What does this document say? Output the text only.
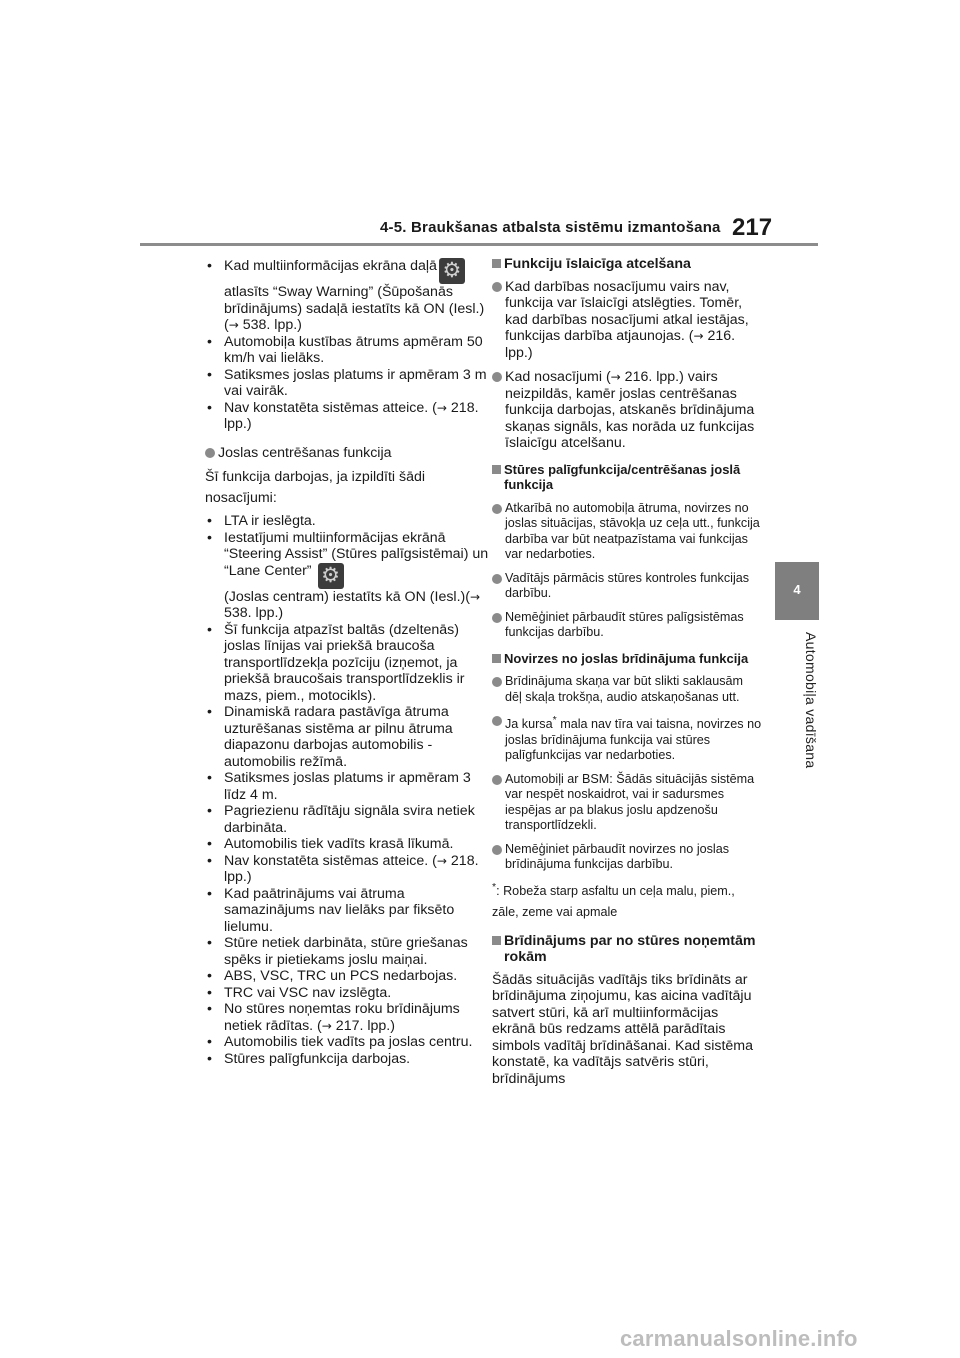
4-5. Braukšanas atbalsta sistēmu izmantošana 217
4
Automobiļa vadīšana
• Kad multiinformācijas ekrāna daļā ⚙
atlasīts “Sway Warning” (Šūpošanās brīdinājums) sadaļā iestatīts kā ON (Iesl.) (→ 538. lpp.)
• Automobiļa kustības ātrums apmēram 50 km/h vai lielāks.
• Satiksmes joslas platums ir apmēram 3 m vai vairāk.
• Nav konstatēta sistēmas atteice. (→ 218. lpp.)
Joslas centrēšanas funkcija

Šī funkcija darbojas, ja izpildīti šādi nosacījumi:

• LTA ir ieslēgta.
• Iestatījumi multiinformācijas ekrānā “Steering Assist” (Stūres palīgsistēmai) un “Lane Center” ⚙
(Joslas centram) iestatīts kā ON (Iesl.)(→ 538. lpp.)
• Šī funkcija atpazīst baltās (dzeltenās) joslas līnijas vai priekšā braucoša transportlīdzekļa pozīciju (izņemot, ja priekšā braucošais transportlīdzeklis ir mazs, piem., motocikls).
• Dinamiskā radara pastāvīga ātruma uzturēšanas sistēma ar pilnu ātruma diapazonu darbojas automobilis - automobilis režīmā.
• Satiksmes joslas platums ir apmēram 3 līdz 4 m.
• Pagriezienu rādītāju signāla svira netiek darbināta.
• Automobilis tiek vadīts krasā līkumā.
• Nav konstatēta sistēmas atteice. (→ 218. lpp.)
• Kad paātrinājums vai ātruma samazinājums nav lielāks par fiksēto lielumu.
• Stūre netiek darbināta, stūre griešanas spēks ir pietiekams joslu maiņai.
• ABS, VSC, TRC un PCS nedarbojas.
• TRC vai VSC nav izslēgta.
• No stūres noņemtas roku brīdinājums netiek rādītas. (→ 217. lpp.)
• Automobilis tiek vadīts pa joslas centru.
• Stūres palīgfunkcija darbojas.
Funkciju īslaicīga atcelšana
Kad darbības nosacījumu vairs nav, funkcija var īslaicīgi atslēgties. Tomēr, kad darbības nosacījumi atkal iestājas, funkcijas darbība atjaunojas. (→ 216. lpp.)
Kad nosacījumi (→ 216. lpp.) vairs neizpildās, kamēr joslas centrēšanas funkcija darbojas, atskanēs brīdinājuma skaņas signāls, kas norāda uz funkcijas īslaicīgu atcelšanu.
Stūres palīgfunkcija/centrēšanas joslā funkcija
Atkarībā no automobiļa ātruma, novirzes no joslas situācijas, stāvokļa uz ceļa utt., funkcija darbība var būt neatpazīstama vai funkcijas var nedarboties.
Vadītājs pārmācis stūres kontroles funkcijas darbību.
Nemēģiniet pārbaudīt stūres palīgsistēmas funkcijas darbību.
Novirzes no joslas brīdinājuma funkcija
Brīdinājuma skaņa var būt slikti saklausām dēļ skaļa trokšņa, audio atskaņošanas utt.
Ja kursa* mala nav tīra vai taisna, novirzes no joslas brīdinājuma funkcija vai stūres palīgfunkcijas var nedarboties.
Automobiļi ar BSM: Šādās situācijās sistēma var nespēt noskaidrot, vai ir sadursmes iespējas ar pa blakus joslu apdzenošu transportlīdzekli.
Nemēģiniet pārbaudīt novirzes no joslas brīdinājuma funkcijas darbību.

*: Robeža starp asfaltu un ceļa malu, piem., zāle, zeme vai apmale

Brīdinājums par no stūres noņemtām rokām

Šādās situācijās vadītājs tiks brīdināts ar brīdinājuma ziņojumu, kas aicina vadītāju satvert stūri, kā arī multiinformācijas ekrānā būs redzams attēlā parādītais simbols vadītāj brīdināšanai. Kad sistēma konstatē, ka vadītājs satvēris stūri, brīdinājums

carmanualsonline.info
